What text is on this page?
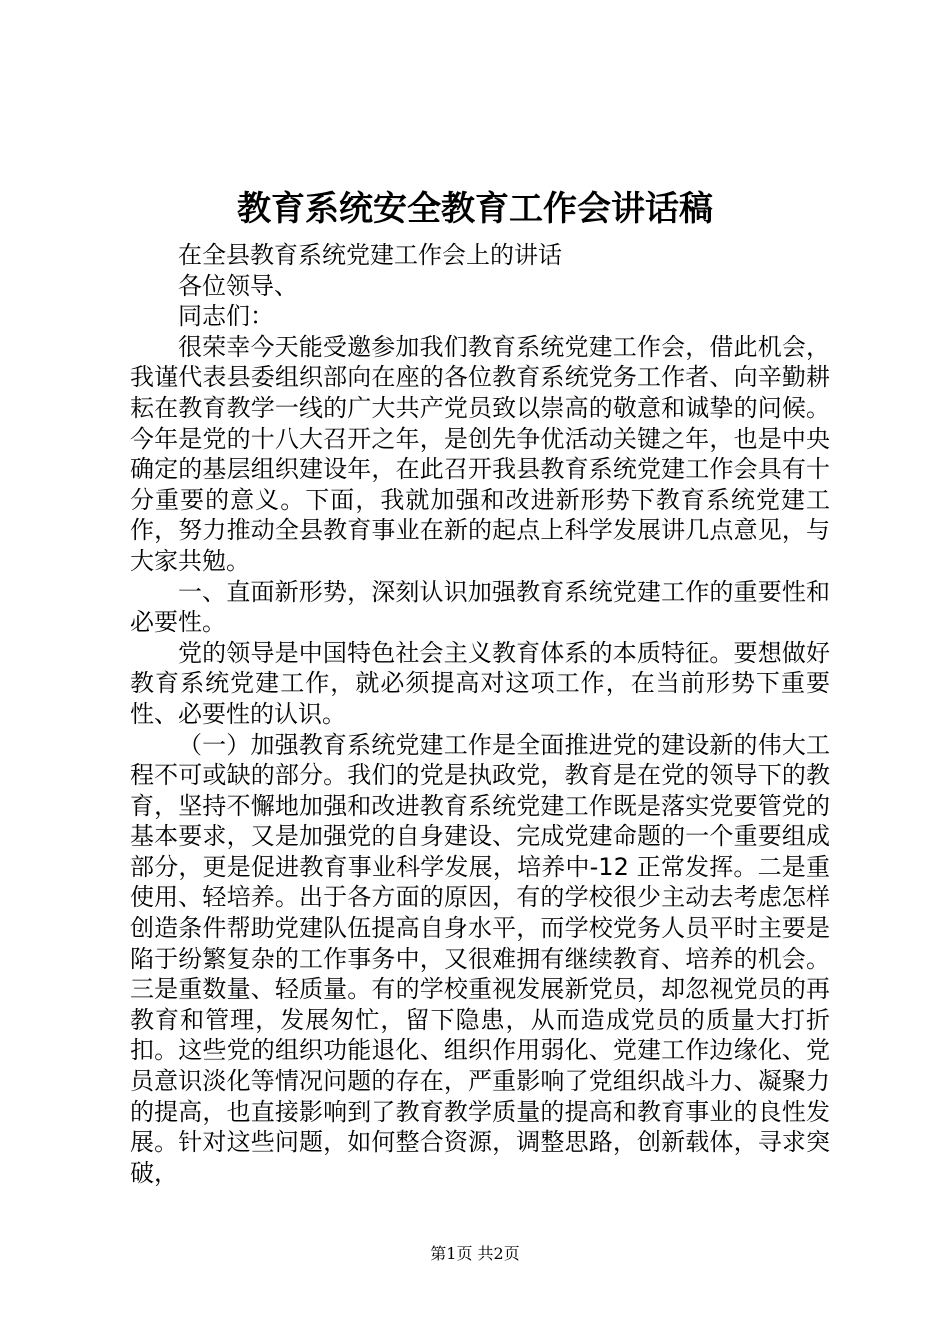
教育系统安全教育工作会讲话稿

在全县教育系统党建工作会上的讲话

各位领导、

同志们：

很荣幸今天能受邀参加我们教育系统党建工作会，借此机会，我谨代表县委组织部向在座的各位教育系统党务工作者、向辛勤耕耘在教育教学一线的广大共产党员致以崇高的敬意和诚挚的问候。今年是党的十八大召开之年，是创先争优活动关键之年，也是中央确定的基层组织建设年，在此召开我县教育系统党建工作会具有十分重要的意义。下面，我就加强和改进新形势下教育系统党建工作，努力推动全县教育事业在新的起点上科学发展讲几点意见，与大家共勉。

一、直面新形势，深刻认识加强教育系统党建工作的重要性和必要性。

党的领导是中国特色社会主义教育体系的本质特征。要想做好教育系统党建工作，就必须提高对这项工作，在当前形势下重要性、必要性的认识。

（一）加强教育系统党建工作是全面推进党的建设新的伟大工程不可或缺的部分。我们的党是执政党，教育是在党的领导下的教育，坚持不懈地加强和改进教育系统党建工作既是落实党要管党的基本要求，又是加强党的自身建设、完成党建命题的一个重要组成部分，更是促进教育事业科学发展，培养中-12 正常发挥。二是重使用、轻培养。出于各方面的原因，有的学校很少主动去考虑怎样创造条件帮助党建队伍提高自身水平，而学校党务人员平时主要是陷于纷繁复杂的工作事务中，又很难拥有继续教育、培养的机会。三是重数量、轻质量。有的学校重视发展新党员，却忽视党员的再教育和管理，发展匆忙，留下隐患，从而造成党员的质量大打折扣。这些党的组织功能退化、组织作用弱化、党建工作边缘化、党员意识淡化等情况问题的存在，严重影响了党组织战斗力、凝聚力的提高，也直接影响到了教育教学质量的提高和教育事业的良性发展。针对这些问题，如何整合资源，调整思路，创新载体，寻求突破，

第1页 共2页
